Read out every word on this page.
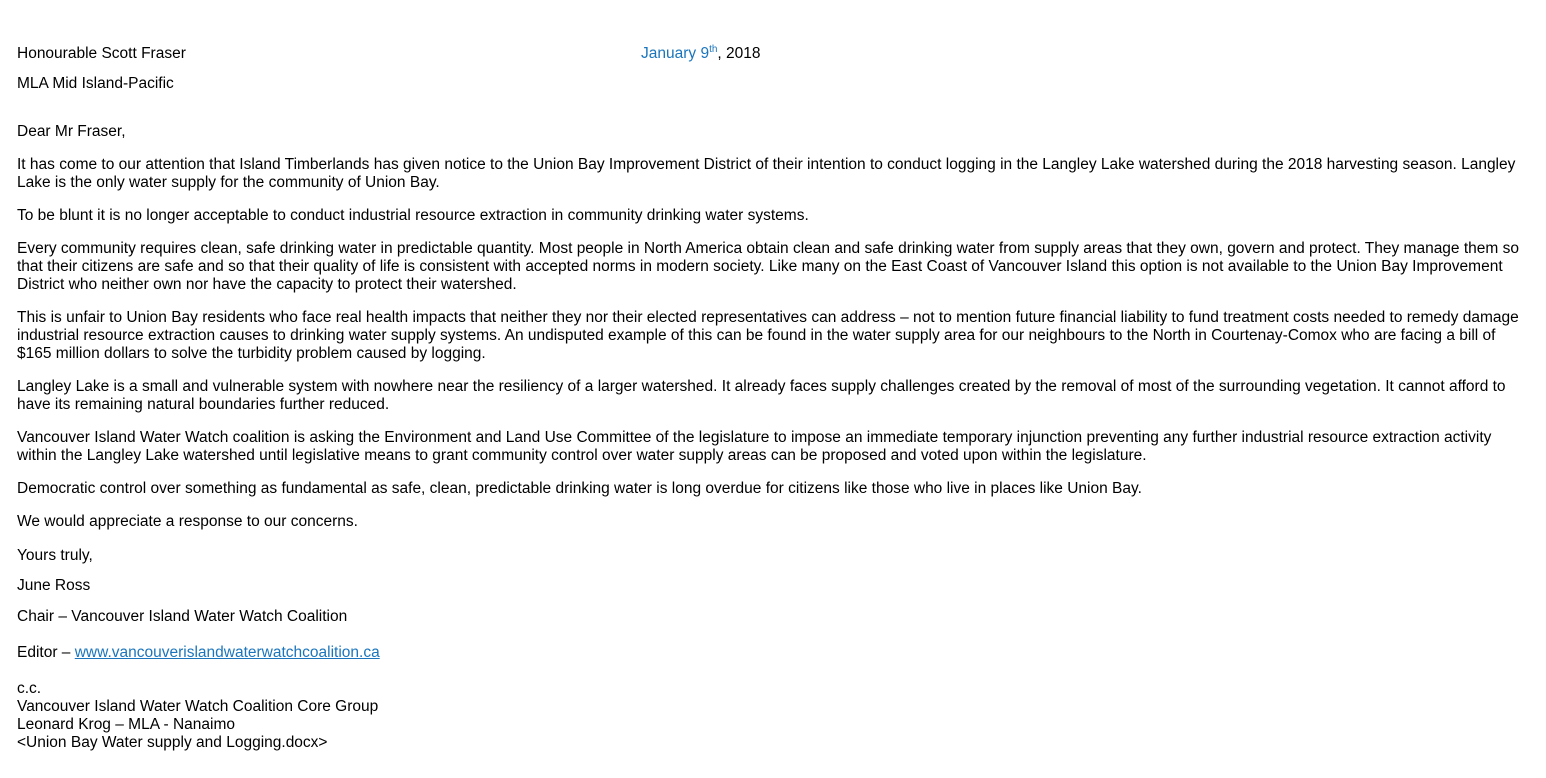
Honourable Scott Fraser	January 9th, 2018
MLA Mid Island-Pacific
Dear Mr Fraser,

It has come to our attention that Island Timberlands has given notice to the Union Bay Improvement District of their intention to conduct logging in the Langley Lake watershed during the 2018 harvesting season. Langley Lake is the only water supply for the community of Union Bay.

To be blunt it is no longer acceptable to conduct industrial resource extraction in community drinking water systems.

Every community requires clean, safe drinking water in predictable quantity. Most people in North America obtain clean and safe drinking water from supply areas that they own, govern and protect. They manage them so that their citizens are safe and so that their quality of life is consistent with accepted norms in modern society. Like many on the East Coast of Vancouver Island this option is not available to the Union Bay Improvement District who neither own nor have the capacity to protect their watershed.

This is unfair to Union Bay residents who face real health impacts that neither they nor their elected representatives can address – not to mention future financial liability to fund treatment costs needed to remedy damage industrial resource extraction causes to drinking water supply systems. An undisputed example of this can be found in the water supply area for our neighbours to the North in Courtenay-Comox who are facing a bill of $165 million dollars to solve the turbidity problem caused by logging.

Langley Lake is a small and vulnerable system with nowhere near the resiliency of a larger watershed. It already faces supply challenges created by the removal of most of the surrounding vegetation. It cannot afford to have its remaining natural boundaries further reduced.

Vancouver Island Water Watch coalition is asking the Environment and Land Use Committee of the legislature to impose an immediate temporary injunction preventing any further industrial resource extraction activity within the Langley Lake watershed until legislative means to grant community control over water supply areas can be proposed and voted upon within the legislature.

Democratic control over something as fundamental as safe, clean, predictable drinking water is long overdue for citizens like those who live in places like Union Bay.

We would appreciate a response to our concerns.

Yours truly,
June Ross
Chair – Vancouver Island Water Watch Coalition
Editor – www.vancouverislandwaterwatchcoalition.ca
c.c.
Vancouver Island Water Watch Coalition Core Group
Leonard Krog – MLA - Nanaimo
<Union Bay Water supply and Logging.docx>
